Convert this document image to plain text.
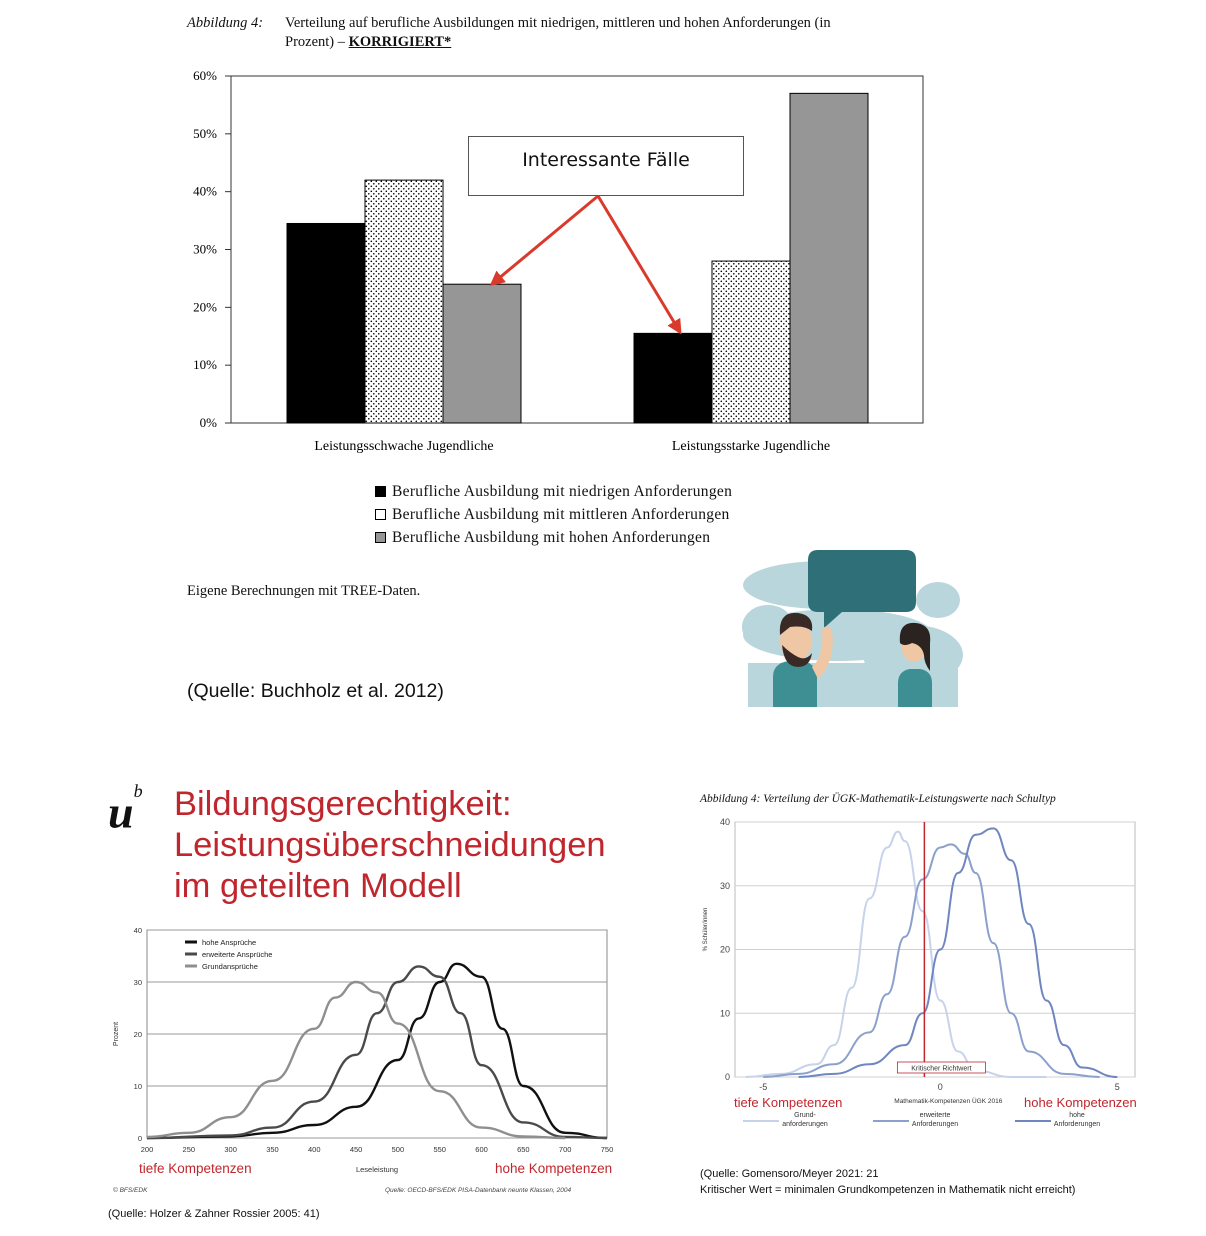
Abbildung 4: Verteilung auf berufliche Ausbildungen mit niedrigen, mittleren und hohen Anforderungen (in
Prozent) – KORRIGIERT*
0%
10%
20%
30%
40%
50%
60%
Leistungsschwache Jugendliche	Leistungsstarke Jugendliche
Interessante Fälle
Berufliche Ausbildung mit niedrigen Anforderungen
Berufliche Ausbildung mit mittleren Anforderungen
Berufliche Ausbildung mit hohen Anforderungen
Eigene Berechnungen mit TREE-Daten.
(Quelle: Buchholz et al. 2012)
$u^b$ Bildungsgerechtigkeit:
Leistungsüberschneidungen
im geteilten Modell
0
10
20
30
40
200	250	300	350	400	450	500	550	600	650	700	750
Leseleistung
Prozent
hohe Ansprüche
erweiterte Ansprüche
Grundansprüche
tiefe Kompetenzen	hohe Kompetenzen
© BFS/EDK	Quelle: OECD-BFS/EDK PISA-Datenbank neunte Klassen, 2004
(Quelle: Holzer & Zahner Rossier 2005: 41)
Abbildung 4: Verteilung der ÜGK-Mathematik-Leistungswerte nach Schultyp
0
10
20
30
40
-5	0	5
% Schüler/innen
Mathematik-Kompetenzen ÜGK 2016
Kritischer Richtwert
Grund-
anforderungen
erweiterte
Anforderungen
hohe
Anforderungen
tiefe Kompetenzen	hohe Kompetenzen
(Quelle: Gomensoro/Meyer 2021: 21
Kritischer Wert = minimalen Grundkompetenzen in Mathematik nicht erreicht)
